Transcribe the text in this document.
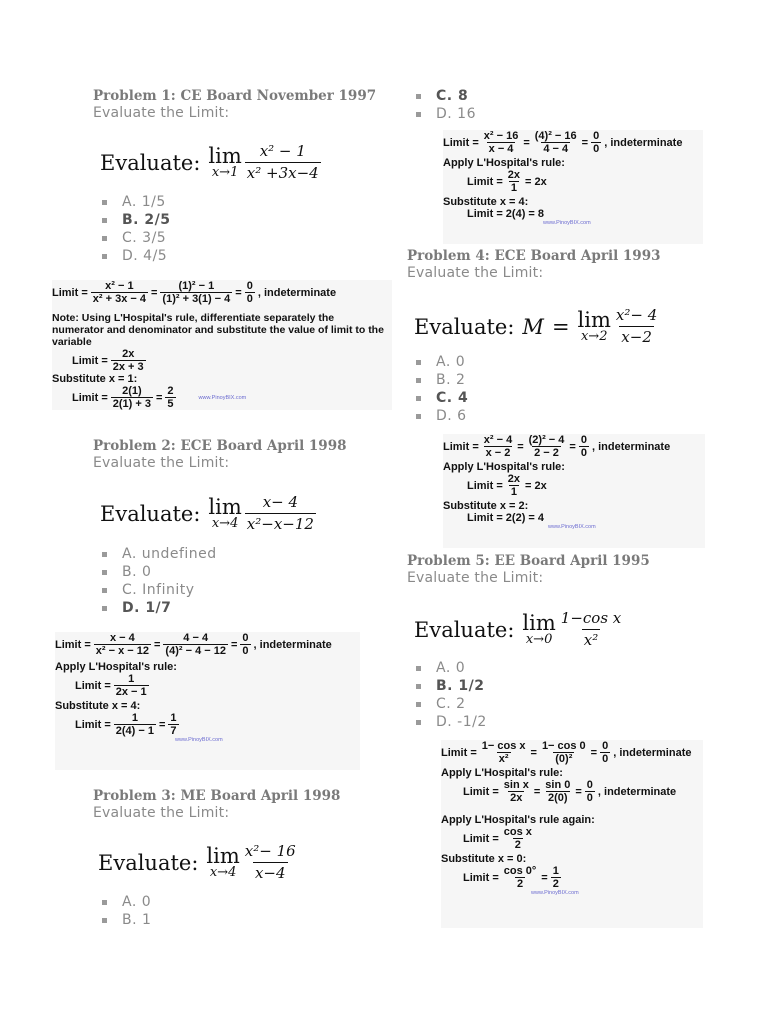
Problem 1: CE Board November 1997
Evaluate the Limit:
Evaluate: lim
$x\to 1 \frac{\text{x² − 1}}{\text{x² +3x−4}}$
A. 1/5
B. 2/5
C. 3/5
D. 4/5
Limit = $\frac{\text{x² − 1}}{\text{x² + 3x − 4}} = \frac{\text{(1)² − 1}}{\text{(1)² + 3(1) − 4}} = \frac{0}{0}$ , indeterminate
Note: Using L'Hospital's rule, differentiate separately the numerator and denominator and substitute the value of limit to the variable
Limit = $\frac{2x}{2x + 3}$
Substitute x = 1:
Limit = $\frac{2(1)}{2(1) + 3} = \frac{2}{5}$	www.PinoyBIX.com
Problem 2: ECE Board April 1998
Evaluate the Limit:
Evaluate: lim
$x\to 4 \frac{x- 4}{\text{x²−x−12}}$
A. undefined
B. 0
C. Infinity
D. 1/7
Limit = $\frac{x - 4}{\text{x² − x − 12}} = \frac{4 - 4}{\text{(4)² − 4 − 12}} = \frac{0}{0}$ , indeterminate
Apply L'Hospital's rule:
Limit = $\frac{1}{2x - 1}$
Substitute x = 4:
Limit = $\frac{1}{2(4) - 1} = \frac{1}{7}$
www.PinoyBIX.com
Problem 3: ME Board April 1998
Evaluate the Limit:
Evaluate: lim
$x\to 4 \frac{\text{x²− 16}}{x-4}$
A. 0
B. 1
C. 8
D. 16
Limit = $\frac{\text{x² − 16}}{x - 4} = \frac{\text{(4)² − 16}}{4 - 4} = \frac{0}{0}$ , indeterminate
Apply L'Hospital's rule:
Limit = $\frac{2x}{1} = 2x$
Substitute x = 4:
Limit = 2(4) = 8
www.PinoyBIX.com
Problem 4: ECE Board April 1993
Evaluate the Limit:
Evaluate: M = lim
$x\to 2 \frac{\text{x²− 4}}{x-2}$
A. 0
B. 2
C. 4
D. 6
Limit = $\frac{\text{x² − 4}}{x - 2} = \frac{\text{(2)² − 4}}{2 - 2} = \frac{0}{0}$ , indeterminate
Apply L'Hospital's rule:
Limit = $\frac{2x}{1} = 2x$
Substitute x = 2:
Limit = 2(2) = 4
www.PinoyBIX.com
Problem 5: EE Board April 1995
Evaluate the Limit:
Evaluate: lim
$x\to 0 \frac{\text{1−cos x}}{\text{x²}}$
A. 0
B. 1/2
C. 2
D. -1/2
Limit = $\frac{\text{1− cos x}}{\text{x²}} = \frac{1- \cos 0}{\text{(0)²}} = \frac{0}{0}$ , indeterminate
Apply L'Hospital's rule:
Limit = $\frac{\text{sin x}}{2x} = \frac{\sin 0}{2(0)} = \frac{0}{0}$ , indeterminate
Apply L'Hospital's rule again:
Limit = $\frac{\text{cos x}}{2}$
Substitute x = 0:
Limit = $\frac{\cos 0^\circ}{2} = \frac{1}{2}$
www.PinoyBIX.com
